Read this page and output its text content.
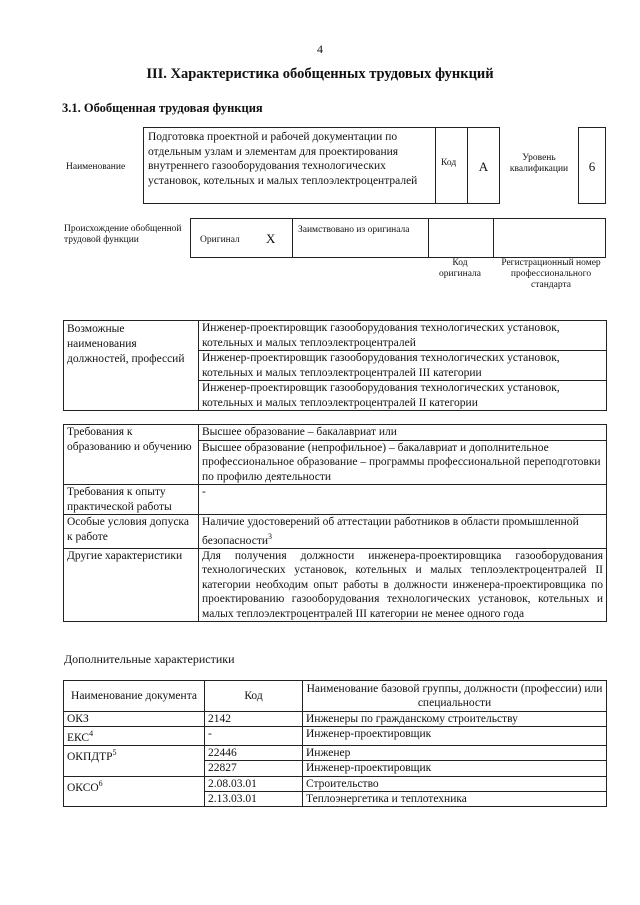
4
III. Характеристика обобщенных трудовых функций
3.1. Обобщенная трудовая функция
Наименование
Подготовка проектной и рабочей документации по отдельным узлам и элементам для проектирования внутреннего газооборудования технологических установок, котельных и малых теплоэлектроцентралей
Код	А
Уровень квалификации	6
Происхождение обобщенной трудовой функции	Оригинал X
Заимствовано из оригинала
Код оригинала
Регистрационный номер профессионального стандарта
Возможные наименования должностей, профессий	
Инженер-проектировщик газооборудования технологических установок, котельных и малых теплоэлектроцентралей
Инженер-проектировщик газооборудования технологических установок, котельных и малых теплоэлектроцентралей III категории
Инженер-проектировщик газооборудования технологических установок, котельных и малых теплоэлектроцентралей II категории
Требования к образованию и обучению	Высшее образование – бакалавриат или
Высшее образование (непрофильное) – бакалавриат и дополнительное профессиональное образование – программы профессиональной переподготовки по профилю деятельности

Требования к опыту практической работы	-
Особые условия допуска к работе	Наличие удостоверений об аттестации работников в области промышленной безопасности$^3$
Другие характеристики	Для получения должности инженера-проектировщика газооборудования технологических установок, котельных и малых теплоэлектроцентралей II категории необходим опыт работы в должности инженера-проектировщика по проектированию газооборудования технологических установок, котельных и малых теплоэлектроцентралей III категории не менее одного года
Дополнительные характеристики
Наименование документа	Код	Наименование базовой группы, должности (профессии) или специальности
ОКЗ	2142	Инженеры по гражданскому строительству
ЕКС$^4$	-	Инженер-проектировщик
ОКПДТР$^5$	22446	Инженер
	22827	Инженер-проектировщик
ОКСО$^6$	2.08.03.01	Строительство
	2.13.03.01	Теплоэнергетика и теплотехника
